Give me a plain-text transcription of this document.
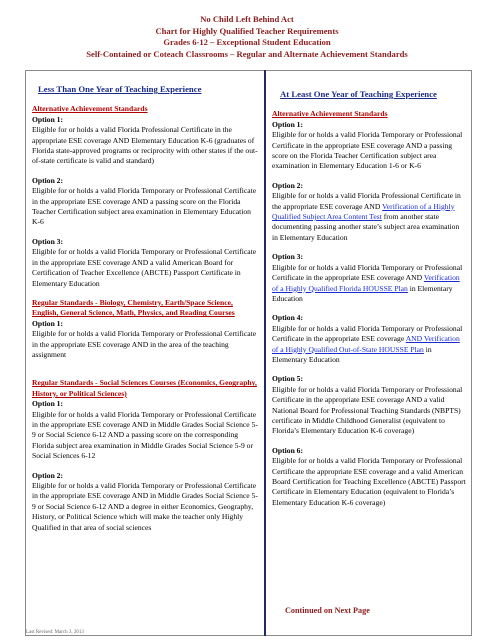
No Child Left Behind Act
Chart for Highly Qualified Teacher Requirements
Grades 6-12 – Exceptional Student Education
Self-Contained or Coteach Classrooms – Regular and Alternate Achievement Standards
Less Than One Year of Teaching Experience
Alternative Achievement Standards
Option 1:
Eligible for or holds a valid Florida Professional Certificate in the appropriate ESE coverage AND Elementary Education K-6 (graduates of Florida state-approved programs or reciprocity with other states if the out-of-state certificate is valid and standard)
Option 2:
Eligible for or holds a valid Florida Temporary or Professional Certificate in the appropriate ESE coverage AND a passing score on the Florida Teacher Certification subject area examination in Elementary Education K-6
Option 3:
Eligible for or holds a valid Florida Temporary or Professional Certificate in the appropriate ESE coverage AND a valid American Board for Certification of Teacher Excellence (ABCTE) Passport Certificate in Elementary Education
Regular Standards - Biology, Chemistry, Earth/Space Science, English, General Science, Math, Physics, and Reading Courses
Option 1:
Eligible for or holds a valid Florida Temporary or Professional Certificate in the appropriate ESE coverage AND in the area of the teaching assignment
Regular Standards - Social Sciences Courses (Economics, Geography, History, or Political Sciences)
Option 1:
Eligible for or holds a valid Florida Temporary or Professional Certificate in the appropriate ESE coverage AND in Middle Grades Social Science 5-9 or Social Science 6-12 AND a passing score on the corresponding Florida subject area examination in Middle Grades Social Science 5-9 or Social Sciences 6-12
Option 2:
Eligible for or holds a valid Florida Temporary or Professional Certificate in the appropriate ESE coverage AND in Middle Grades Social Science 5-9 or Social Science 6-12 AND a degree in either Economics, Geography, History, or Political Science which will make the teacher only Highly Qualified in that area of social sciences
At Least One Year of Teaching Experience
Alternative Achievement Standards
Option 1:
Eligible for or holds a valid Florida Temporary or Professional Certificate in the appropriate ESE coverage AND a passing score on the Florida Teacher Certification subject area examination in Elementary Education 1-6 or K-6
Option 2:
Eligible for or holds a valid Florida Professional Certificate in the appropriate ESE coverage AND Verification of a Highly Qualified Subject Area Content Test from another state documenting passing another state’s subject area examination in Elementary Education
Option 3:
Eligible for or holds a valid Florida Temporary or Professional Certificate in the appropriate ESE coverage AND Verification of a Highly Qualified Florida HOUSSE Plan in Elementary Education
Option 4:
Eligible for or holds a valid Florida Temporary or Professional Certificate in the appropriate ESE coverage AND Verification of a Highly Qualified Out-of-State HOUSSE Plan in Elementary Education
Option 5:
Eligible for or holds a valid Florida Temporary or Professional Certificate in the appropriate ESE coverage AND a valid National Board for Professional Teaching Standards (NBPTS) certificate in Middle Childhood Generalist (equivalent to Florida’s Elementary Education K-6 coverage)
Option 6:
Eligible for or holds a valid Florida Temporary or Professional Certificate the appropriate ESE coverage and a valid American Board Certification for Teaching Excellence (ABCTE) Passport Certificate in Elementary Education (equivalent to Florida’s Elementary Education K-6 coverage)
Continued on Next Page
Last Revised: March 3, 2013
